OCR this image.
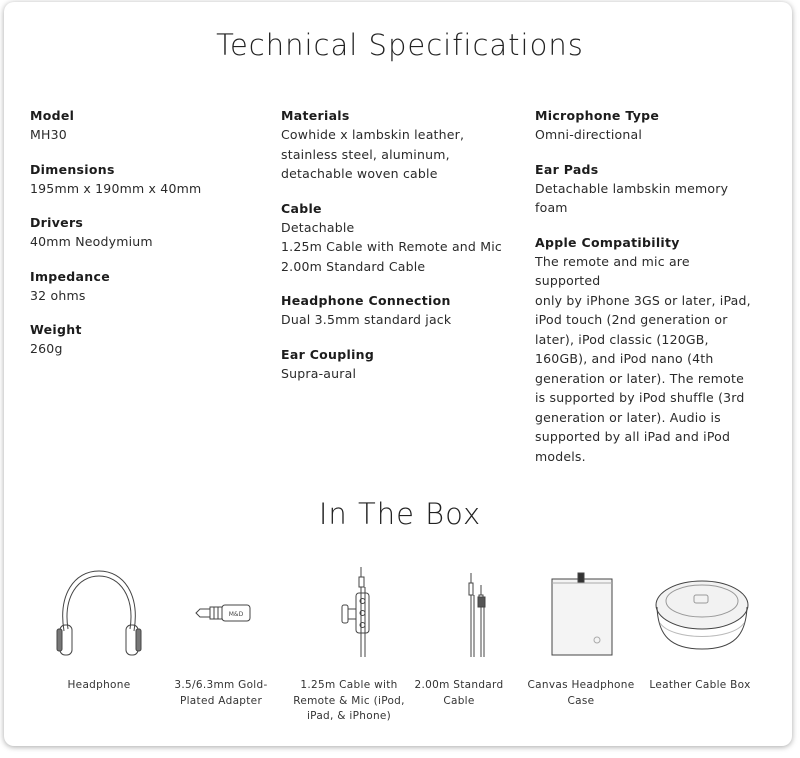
Technical Specifications
Model
MH30
Dimensions
195mm x 190mm x 40mm
Drivers
40mm Neodymium
Impedance
32 ohms
Weight
260g
Materials
Cowhide x lambskin leather,
stainless steel, aluminum,
detachable woven cable
Cable
Detachable
1.25m Cable with Remote and Mic
2.00m Standard Cable
Headphone Connection
Dual 3.5mm standard jack
Ear Coupling
Supra-aural
Microphone Type
Omni-directional
Ear Pads
Detachable lambskin memory foam
Apple Compatibility
The remote and mic are supported
only by iPhone 3GS or later, iPad,
iPod touch (2nd generation or
later), iPod classic (120GB,
160GB), and iPod nano (4th
generation or later). The remote
is supported by iPod shuffle (3rd
generation or later). Audio is
supported by all iPad and iPod
models.
In The Box
Headphone
M&D
3.5/6.3mm Gold-
Plated Adapter
1.25m Cable with
Remote & Mic (iPod,
iPad, & iPhone)
2.00m Standard
Cable
Canvas Headphone
Case
Leather Cable Box
